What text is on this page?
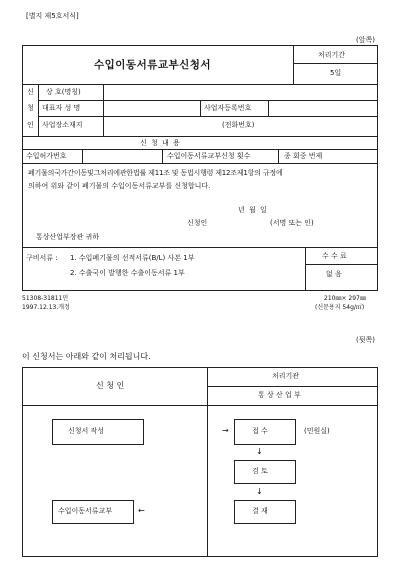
[별지 제5호서식]
(앞쪽)
수입이동서류교부신청서
처리기간
5일
신
청
인
상 호(명칭)
대표자 성 명	사업자등록번호
사업장소재지	(전화번호)
신 청 내 용
수입허가번호	수입이동서류교부신청 횟수	종 회중 번제
폐기물의국가간이동및그처리에관한법률 제11조 및 동법시행령 제12조제1항의 규정에
의하여 위와 같이 폐기물의 수입이동서류교부를 신청합니다.
년 월 일
신청인	(서명 또는 인)
통상산업부장관 귀하
구비서류 : 1. 수입폐기물의 선적서류(B/L) 사본 1부
2. 수출국이 발행한 수출이동서류 1부
수 수 료
없 음
51308-31811민
1997.12.13.개정
210㎜× 297㎜
(신문용지 54g/㎡)
(뒷쪽)
이 신청서는 아래와 같이 처리됩니다.
신 청 인
처리기관
통 상 산 업 부
신청서 작성	→	접 수	(민원실)
↓
검 토
↓
결 재
←
수입이동서류교부
